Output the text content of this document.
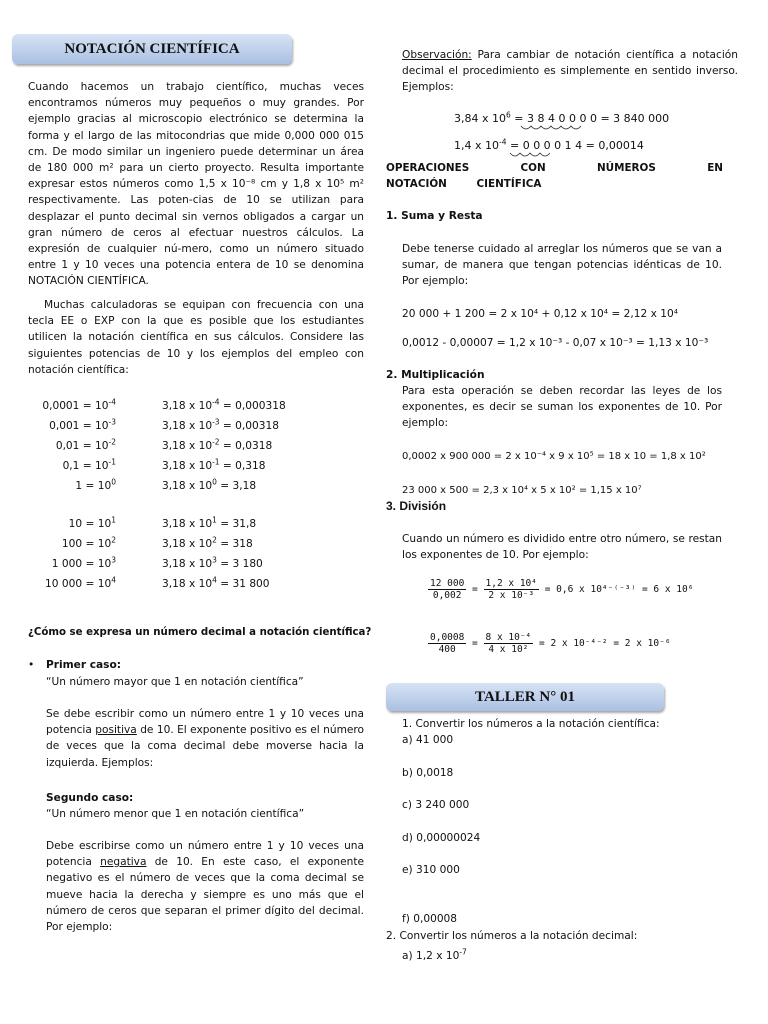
NOTACIÓN CIENTÍFICA
Cuando hacemos un trabajo científico, muchas veces encontramos números muy pequeños o muy grandes. Por ejemplo gracias al microscopio electrónico se determina la forma y el largo de las mitocondrias que mide 0,000 000 015 cm. De modo similar un ingeniero puede determinar un área de 180 000 m² para un cierto proyecto. Resulta importante expresar estos números como 1,5 x 10⁻⁸ cm y 1,8 x 10⁵ m² respectivamente. Las poten-cias de 10 se utilizan para desplazar el punto decimal sin vernos obligados a cargar un gran número de ceros al efectuar nuestros cálculos. La expresión de cualquier nú-mero, como un número situado entre 1 y 10 veces una potencia entera de 10 se denomina NOTACIÓN CIENTÍFICA.
Muchas calculadoras se equipan con frecuencia con una tecla EE o EXP con la que es posible que los estudiantes utilicen la notación científica en sus cálculos. Considere las siguientes potencias de 10 y los ejemplos del empleo con notación científica:
$0,0001 = 10^{-4}$	3,18 x $10^{-4} = 0,000318$
$0,001 = 10^{-3}$	3,18 x $10^{-3} = 0,00318$
$0,01 = 10^{-2}$	3,18 x $10^{-2} = 0,0318$
$0,1 = 10^{-1}$	3,18 x $10^{-1} = 0,318$
$1 = 10^0$	3,18 x $10^0 = 3,18$
$10 = 10^1$	3,18 x $10^1 = 31,8$
$100 = 10^2$	3,18 x $10^2 = 318$
1 $000 = 10^3$	3,18 x $10^3 = 3$ 180
10 $000 = 10^4$	3,18 x $10^4 = 31$ 800
¿Cómo se expresa un número decimal a notación científica?
• Primer caso:
“Un número mayor que 1 en notación científica”
Se debe escribir como un número entre 1 y 10 veces una potencia positiva de 10. El exponente positivo es el número de veces que la coma decimal debe moverse hacia la izquierda. Ejemplos:
Segundo caso:
“Un número menor que 1 en notación científica”
Debe escribirse como un número entre 1 y 10 veces una potencia negativa de 10. En este caso, el exponente negativo es el número de veces que la coma decimal se mueve hacia la derecha y siempre es uno más que el número de ceros que separan el primer dígito del decimal. Por ejemplo:
Observación: Para cambiar de notación científica a notación decimal el procedimiento es simplemente en sentido inverso. Ejemplos:
3,84 x $10^6 = 3$ 8 4 0 0 0 0 = 3 840 000
1,4 x $10^{-4} = 0$ 0 0 0 1 4 = 0,00014
OPERACIONES CON NÚMEROS EN NOTACIÓN CIENTÍFICA
1. Suma y Resta
Debe tenerse cuidado al arreglar los números que se van a sumar, de manera que tengan potencias idénticas de 10. Por ejemplo:
20 000 + 1 200 = 2 x 10⁴ + 0,12 x 10⁴ = 2,12 x 10⁴
0,0012 - 0,00007 = 1,2 x 10⁻³ - 0,07 x 10⁻³ = 1,13 x 10⁻³
2. Multiplicación
Para esta operación se deben recordar las leyes de los exponentes, es decir se suman los exponentes de 10. Por ejemplo:
0,0002 x 900 000 = 2 x 10⁻⁴ x 9 x 10⁵ = 18 x 10 = 1,8 x 10²
23 000 x 500 = 2,3 x 10⁴ x 5 x 10² = 1,15 x 10⁷
3. División
Cuando un número es dividido entre otro número, se restan los exponentes de 10. Por ejemplo:
$\frac{12 000}{0,002} = \frac{\text{1,2 x 10⁴}}{\text{2 x 10⁻³}} = 0,6$ x 10⁴⁻⁽⁻³⁾ = 6 x 10⁶
$\frac{0,0008}{400} = \frac{\text{8 x 10⁻⁴}}{\text{4 x 10²}} = 2$ x 10⁻⁴⁻² = 2 x 10⁻⁶
TALLER N° 01
1. Convertir los números a la notación científica:
a) 41 000
b) 0,0018
c) 3 240 000
d) 0,00000024
e) 310 000
f) 0,00008
2. Convertir los números a la notación decimal:
a) 1,2 x $10^{-7}$
